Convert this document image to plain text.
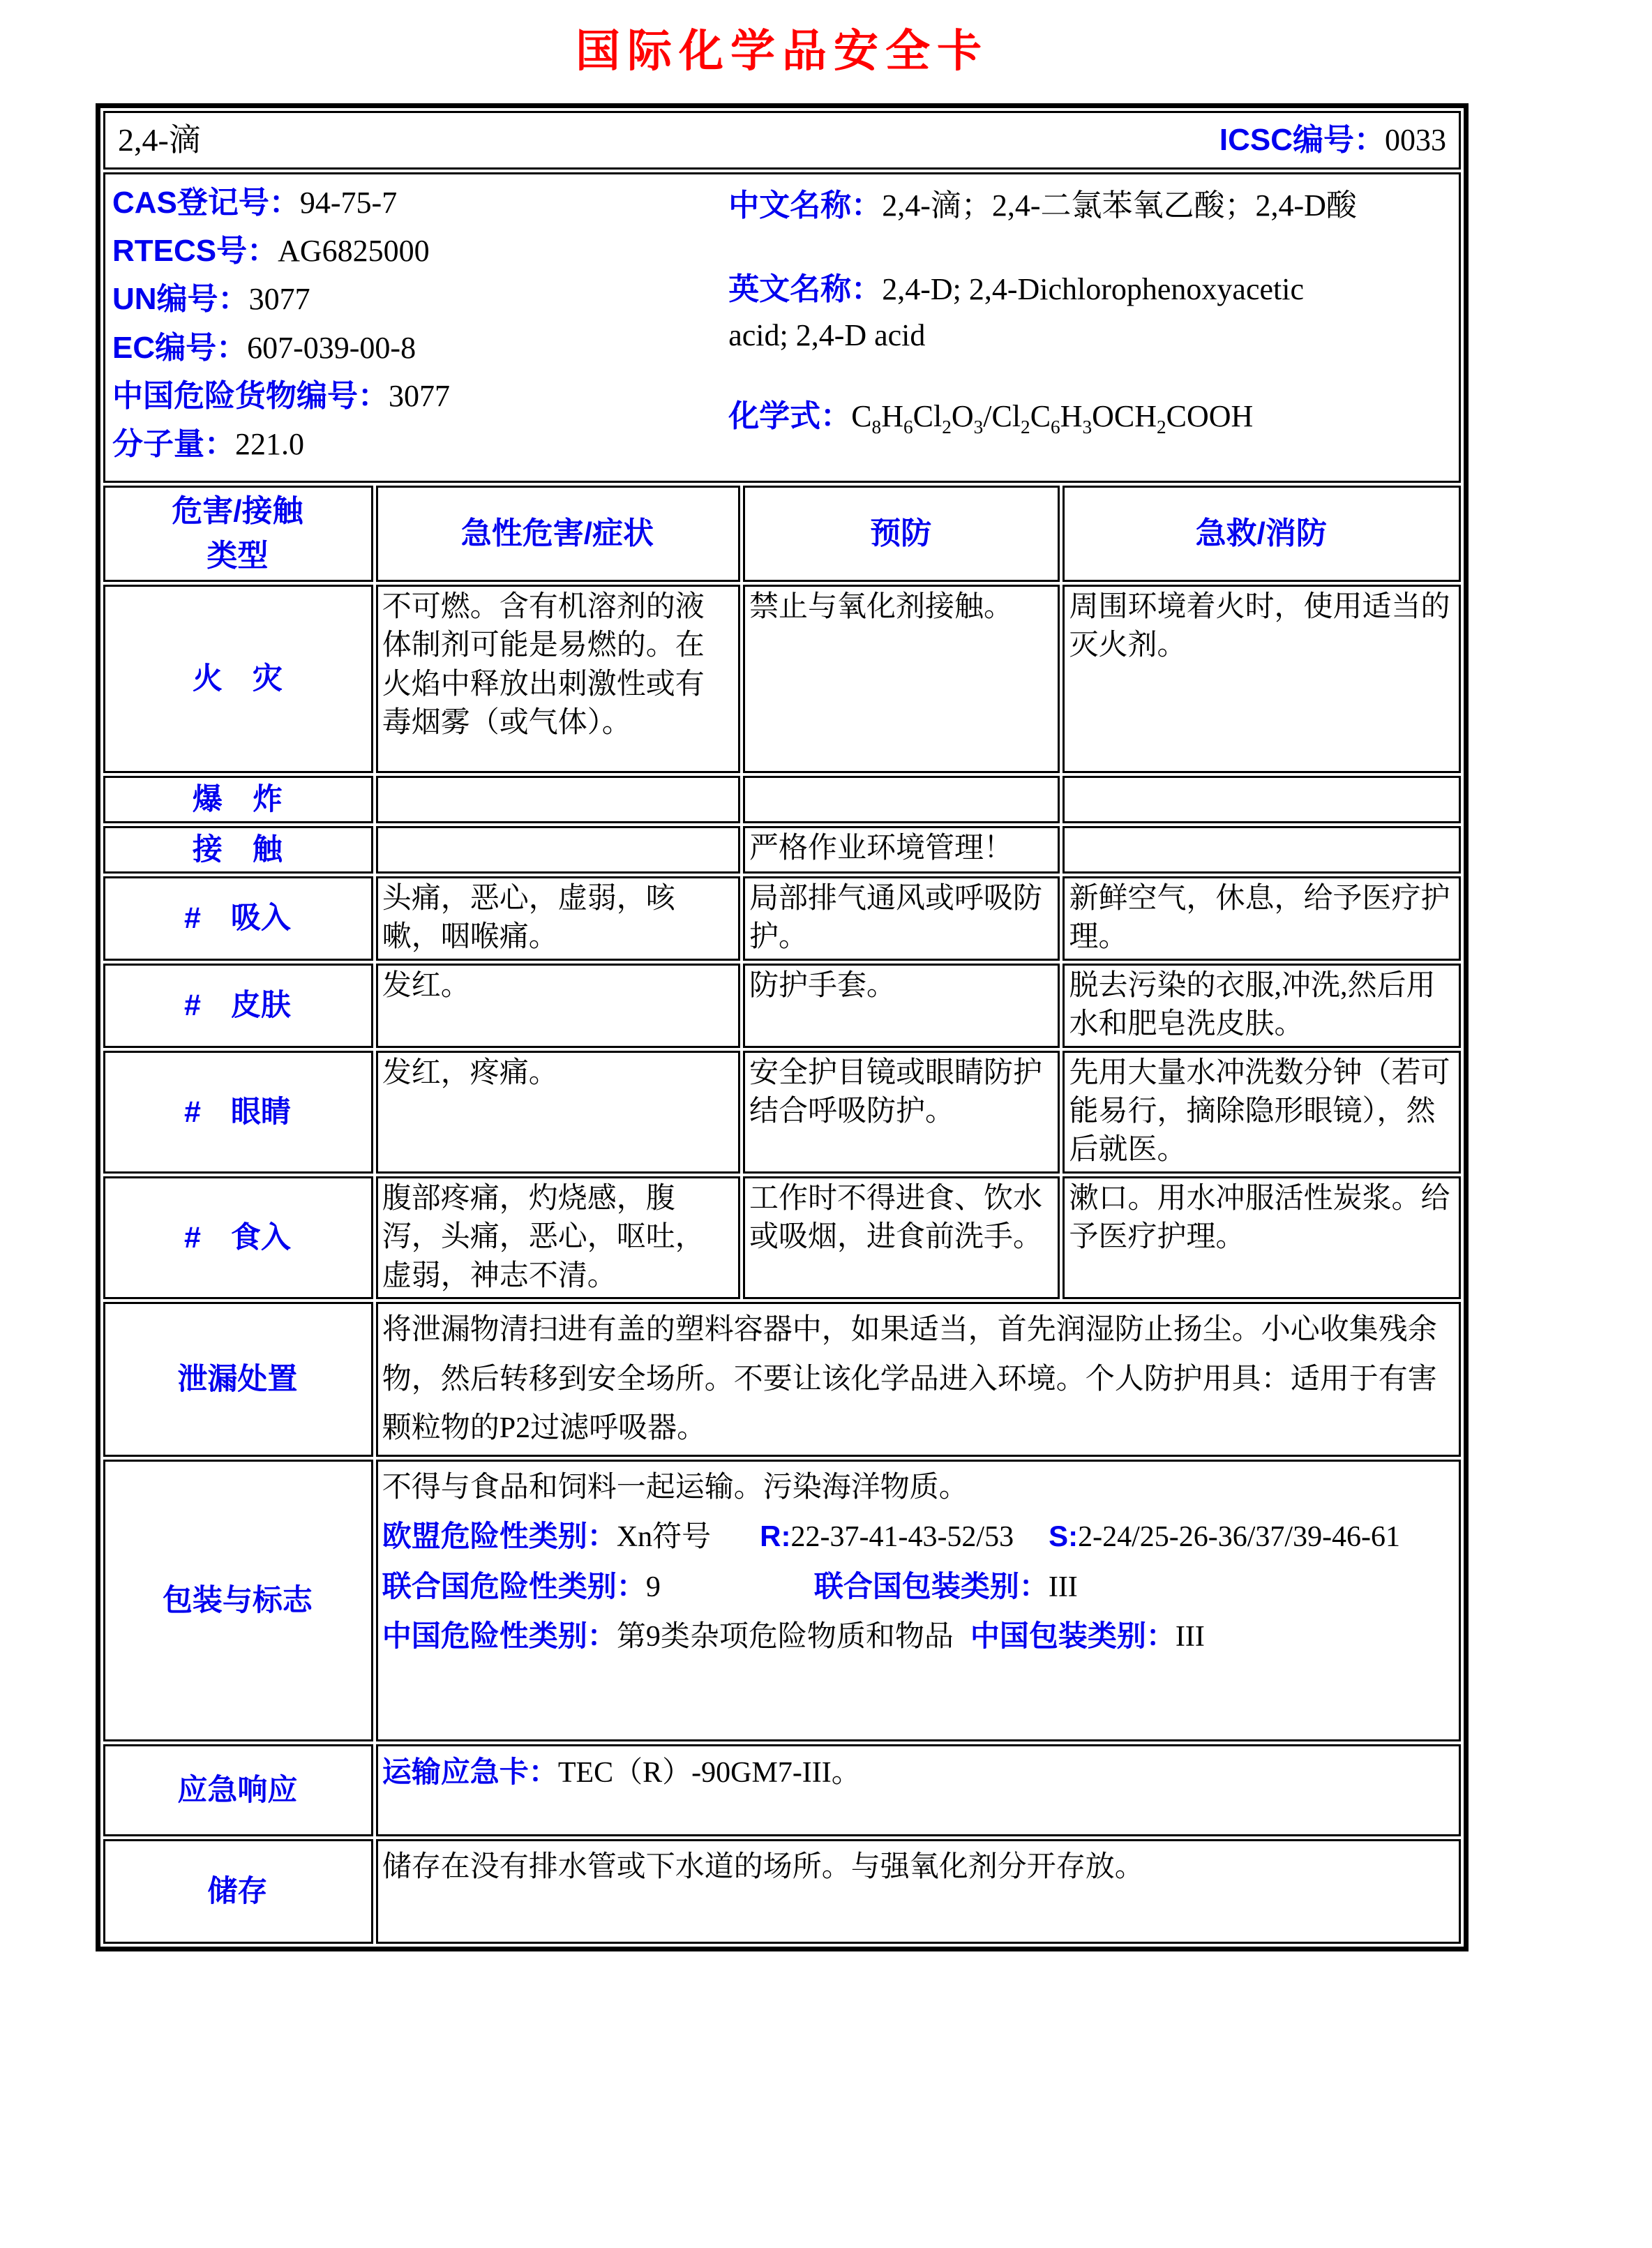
国际化学品安全卡
2,4-滴 ICSC编号：0033			

CAS登记号：94-75-7
RTECS号：AG6825000
UN编号：3077
EC编号：607-039-00-8
中国危险货物编号：3077
分子量：221.0

中文名称：2,4-滴；2,4-二氯苯氧乙酸；2,4-D酸

英文名称：2,4-D; 2,4-Dichlorophenoxyacetic acid; 2,4-D acid

化学式：$C_8H_6Cl_2O_3/Cl_2C_6H_3OCH_2COOH$

危害/接触
类型	急性危害/症状	预防	急救/消防
火　灾	不可燃。含有机溶剂的液体制剂可能是易燃的。在火焰中释放出刺激性或有毒烟雾（或气体）。	禁止与氧化剂接触。	周围环境着火时，使用适当的灭火剂。
爆　炸			
接　触		严格作业环境管理！	
#　吸入	头痛，恶心，虚弱，咳嗽，咽喉痛。	局部排气通风或呼吸防护。	新鲜空气，休息，给予医疗护理。
#　皮肤	发红。	防护手套。	脱去污染的衣服,冲洗,然后用水和肥皂洗皮肤。
#　眼睛	发红，疼痛。	安全护目镜或眼睛防护结合呼吸防护。	先用大量水冲洗数分钟（若可能易行，摘除隐形眼镜），然后就医。
#　食入	腹部疼痛，灼烧感，腹泻，头痛，恶心，呕吐，虚弱，神志不清。	工作时不得进食、饮水或吸烟，进食前洗手。	漱口。用水冲服活性炭浆。给予医疗护理。
泄漏处置	将泄漏物清扫进有盖的塑料容器中，如果适当，首先润湿防止扬尘。小心收集残余物，然后转移到安全场所。不要让该化学品进入环境。个人防护用具：适用于有害颗粒物的P2过滤呼吸器。		
包装与标志	不得与食品和饲料一起运输。污染海洋物质。
欧盟危险性类别：Xn符号 R:22-37-41-43-52/53 S:2-24/25-26-36/37/39-46-61
联合国危险性类别：9 联合国包装类别：III
中国危险性类别：第9类杂项危险物质和物品 中国包装类别：III		

应急响应	运输应急卡：TEC（R）-90GM7-III。		
储存	储存在没有排水管或下水道的场所。与强氧化剂分开存放。		
